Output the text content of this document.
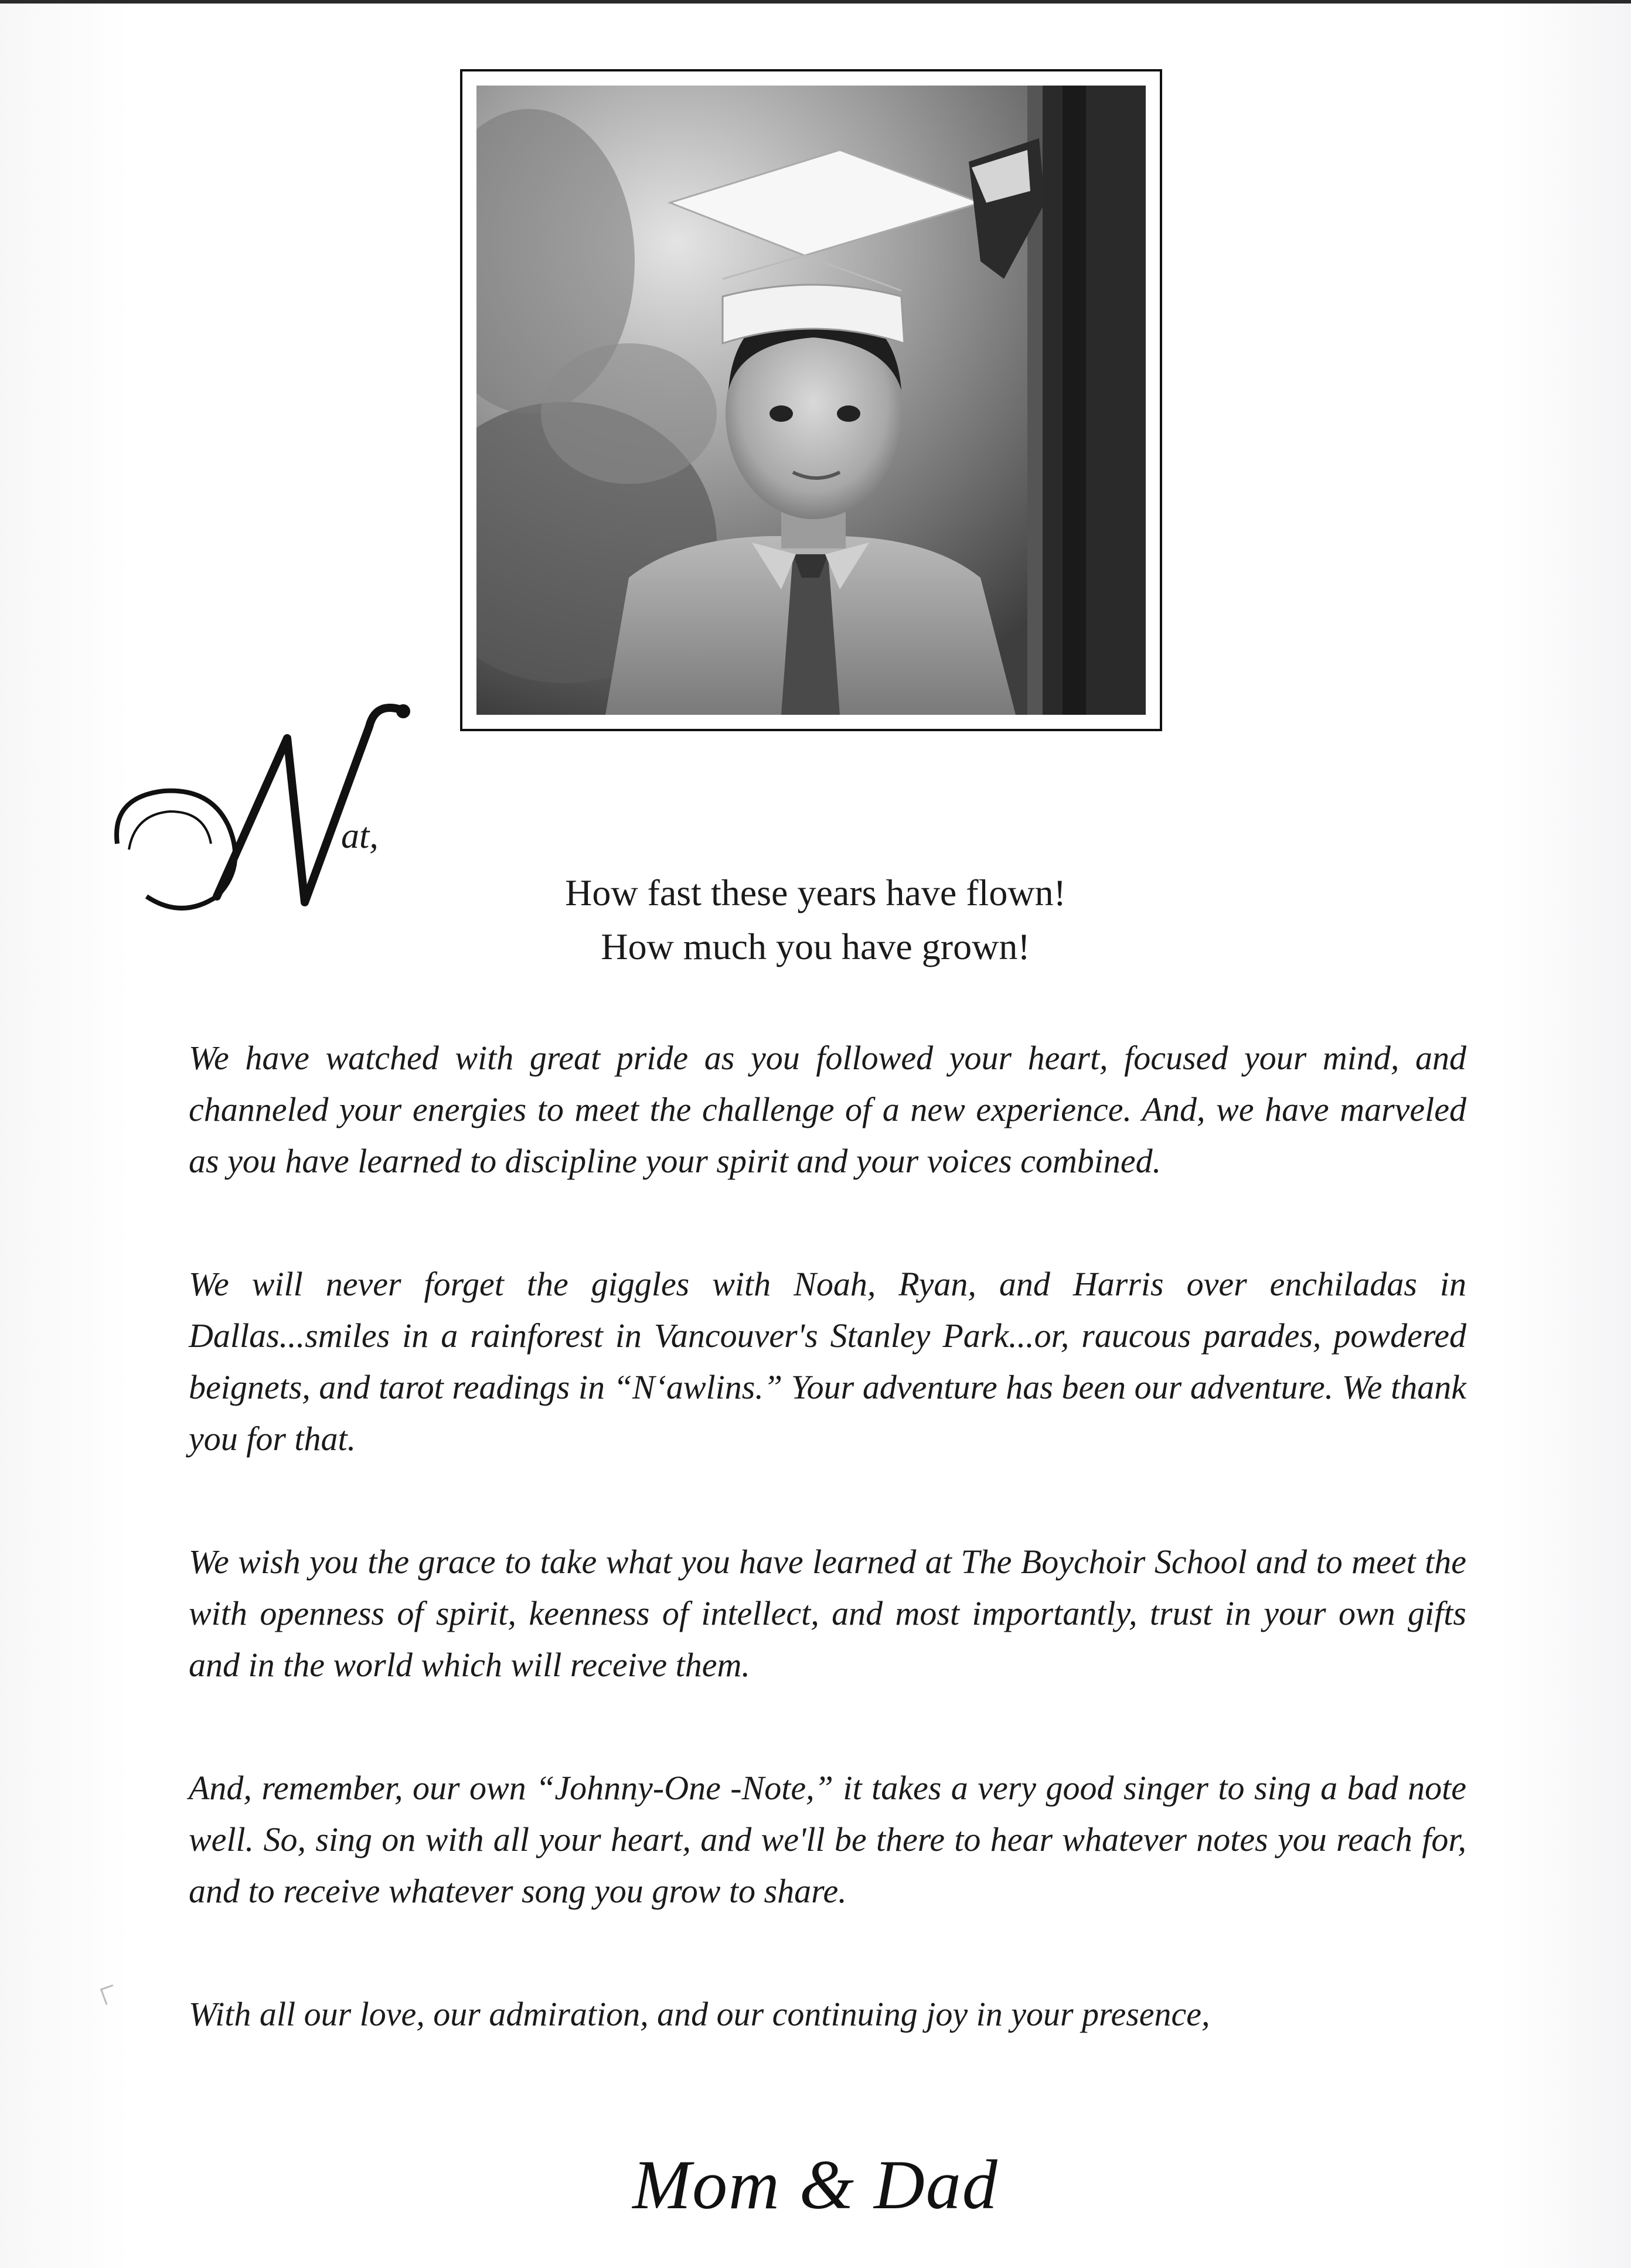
at,
How fast these years have flown!
How much you have grown!

We have watched with great pride as you followed your heart, focused your mind, and channeled your energies to meet the challenge of a new experience. And, we have marveled as you have learned to discipline your spirit and your voices combined.

We will never forget the giggles with Noah, Ryan, and Harris over enchiladas in Dallas...smiles in a rainforest in Vancouver's Stanley Park...or, raucous parades, powdered beignets, and tarot readings in “N‘awlins.” Your adventure has been our adventure. We thank you for that.

We wish you the grace to take what you have learned at The Boychoir School and to meet the with openness of spirit, keenness of intellect, and most importantly, trust in your own gifts and in the world which will receive them.

And, remember, our own “Johnny-One -Note,” it takes a very good singer to sing a bad note well. So, sing on with all your heart, and we'll be there to hear whatever notes you reach for, and to receive whatever song you grow to share.

With all our love, our admiration, and our continuing joy in your presence,

Mom & Dad
